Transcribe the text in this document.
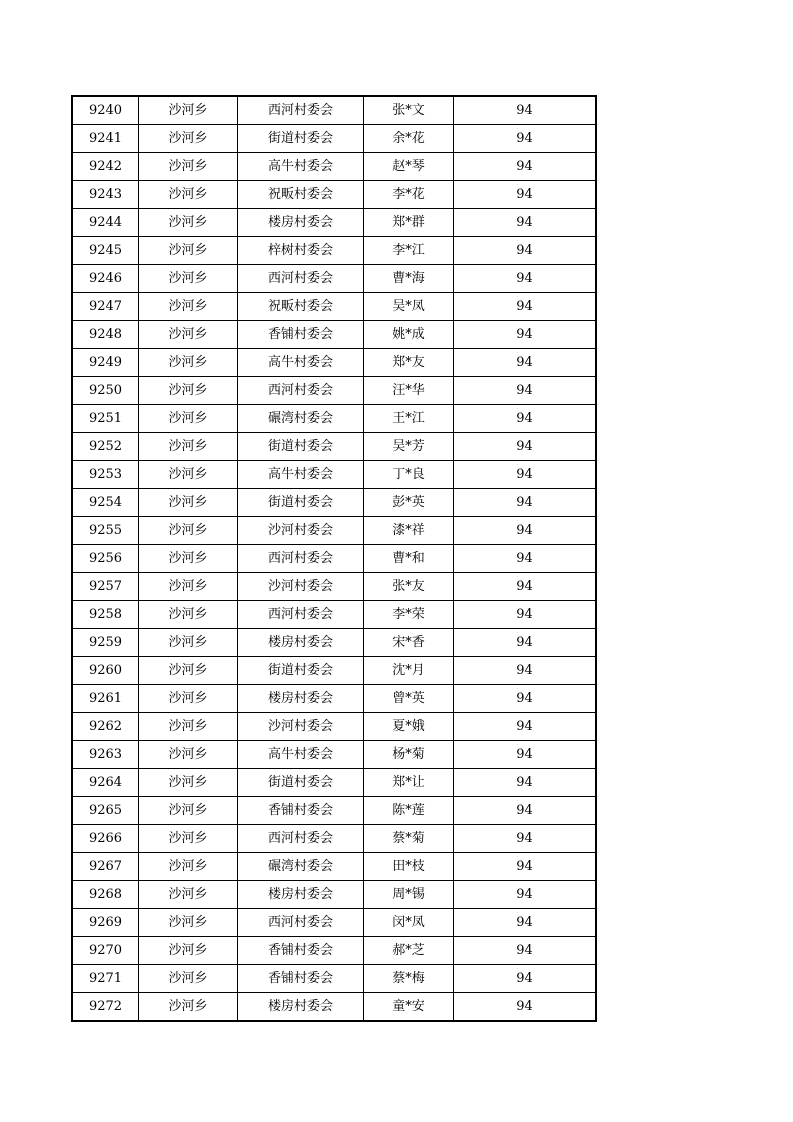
9240	沙河乡	西河村委会	张*文	94
9241	沙河乡	街道村委会	余*花	94
9242	沙河乡	高牛村委会	赵*琴	94
9243	沙河乡	祝畈村委会	李*花	94
9244	沙河乡	楼房村委会	郑*群	94
9245	沙河乡	梓树村委会	李*江	94
9246	沙河乡	西河村委会	曹*海	94
9247	沙河乡	祝畈村委会	吴*凤	94
9248	沙河乡	香铺村委会	姚*成	94
9249	沙河乡	高牛村委会	郑*友	94
9250	沙河乡	西河村委会	汪*华	94
9251	沙河乡	碾湾村委会	王*江	94
9252	沙河乡	街道村委会	吴*芳	94
9253	沙河乡	高牛村委会	丁*良	94
9254	沙河乡	街道村委会	彭*英	94
9255	沙河乡	沙河村委会	漆*祥	94
9256	沙河乡	西河村委会	曹*和	94
9257	沙河乡	沙河村委会	张*友	94
9258	沙河乡	西河村委会	李*荣	94
9259	沙河乡	楼房村委会	宋*香	94
9260	沙河乡	街道村委会	沈*月	94
9261	沙河乡	楼房村委会	曾*英	94
9262	沙河乡	沙河村委会	夏*娥	94
9263	沙河乡	高牛村委会	杨*菊	94
9264	沙河乡	街道村委会	郑*让	94
9265	沙河乡	香铺村委会	陈*莲	94
9266	沙河乡	西河村委会	蔡*菊	94
9267	沙河乡	碾湾村委会	田*枝	94
9268	沙河乡	楼房村委会	周*锡	94
9269	沙河乡	西河村委会	闵*凤	94
9270	沙河乡	香铺村委会	郝*芝	94
9271	沙河乡	香铺村委会	蔡*梅	94
9272	沙河乡	楼房村委会	童*安	94
